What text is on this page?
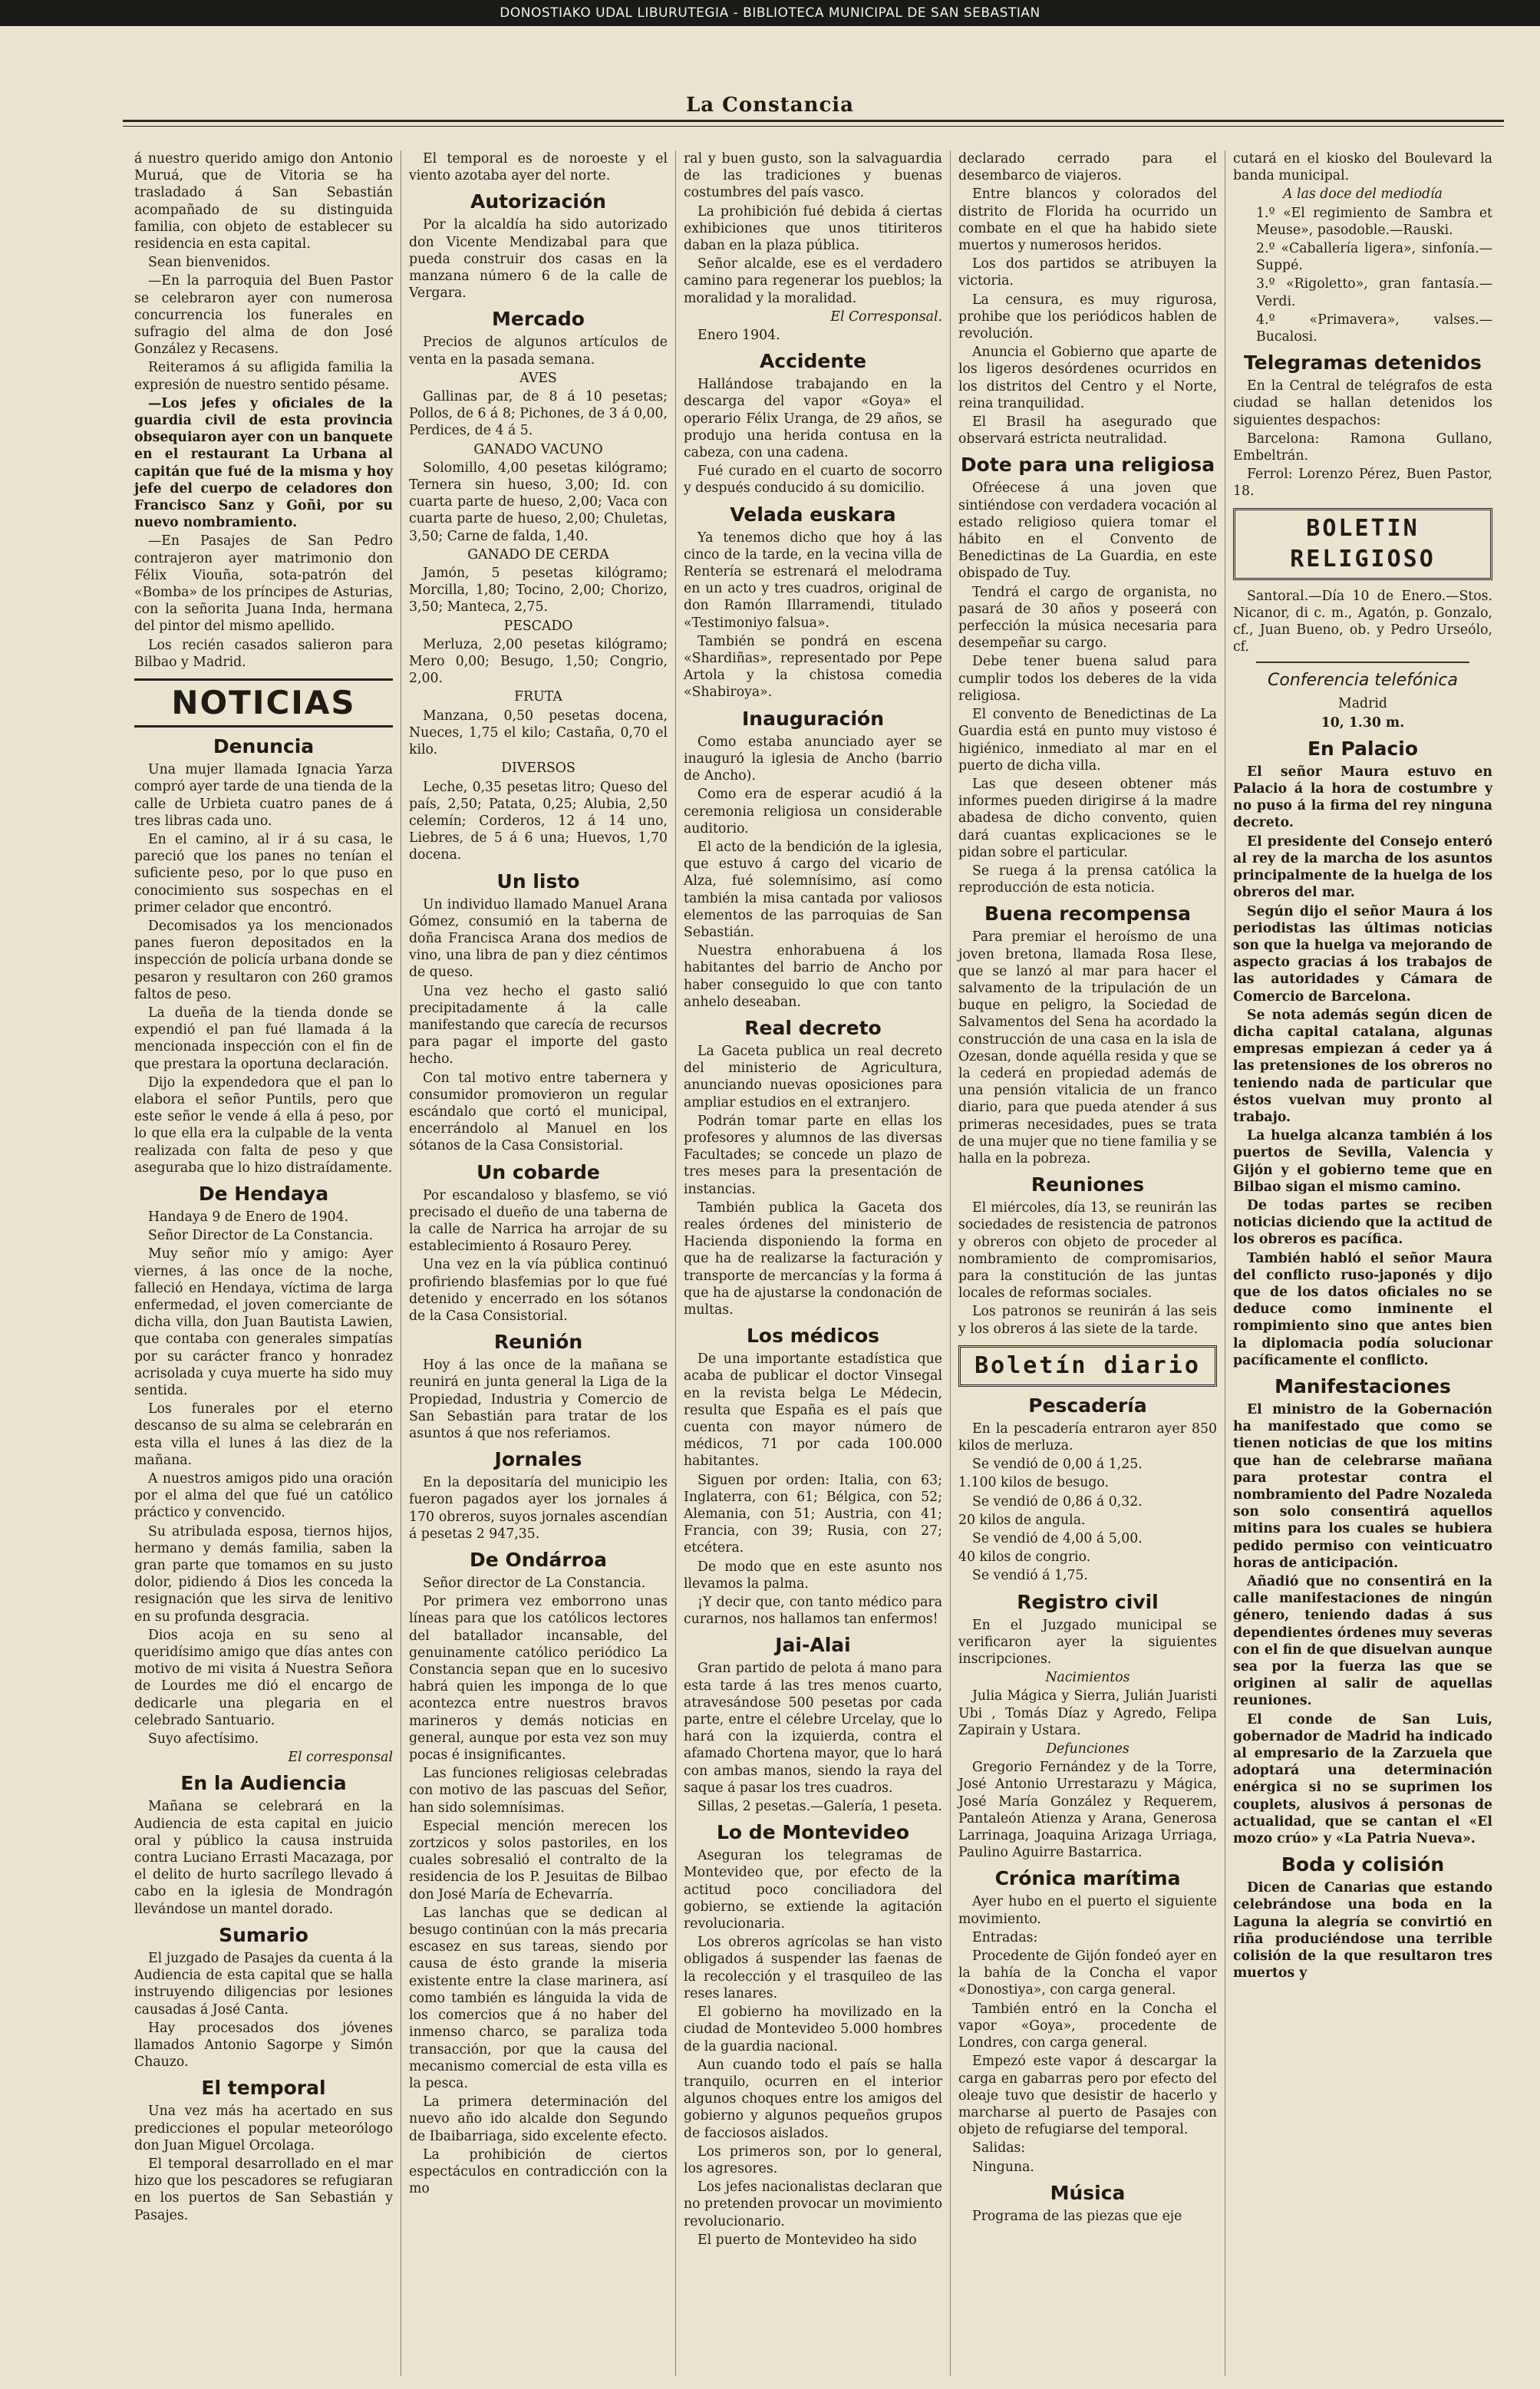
DONOSTIAKO UDAL LIBURUTEGIA - BIBLIOTECA MUNICIPAL DE SAN SEBASTIAN
La Constancia

á nuestro querido amigo don Antonio Muruá, que de Vitoria se ha trasladado á San Sebastián acompañado de su distinguida familia, con objeto de establecer su residencia en esta capital.

Sean bienvenidos.

—En la parroquia del Buen Pastor se celebraron ayer con numerosa concurrencia los funerales en sufragio del alma de don José González y Recasens.

Reiteramos á su afligida familia la expresión de nuestro sentido pésame.

—Los jefes y oficiales de la guardia civil de esta provincia obsequiaron ayer con un banquete en el restaurant La Urbana al capitán que fué de la misma y hoy jefe del cuerpo de celadores don Francisco Sanz y Goñi, por su nuevo nombramiento.

—En Pasajes de San Pedro contrajeron ayer matrimonio don Félix Viouña, sota-patrón del «Bomba» de los príncipes de Asturias, con la señorita Juana Inda, hermana del pintor del mismo apellido.

Los recién casados salieron para Bilbao y Madrid.

NOTICIAS
Denuncia

Una mujer llamada Ignacia Yarza compró ayer tarde de una tienda de la calle de Urbieta cuatro panes de á tres libras cada uno.

En el camino, al ir á su casa, le pareció que los panes no tenían el suficiente peso, por lo que puso en conocimiento sus sospechas en el primer celador que encontró.

Decomisados ya los mencionados panes fueron depositados en la inspección de policía urbana donde se pesaron y resultaron con 260 gramos faltos de peso.

La dueña de la tienda donde se expendió el pan fué llamada á la mencionada inspección con el fin de que prestara la oportuna declaración.

Dijo la expendedora que el pan lo elabora el señor Puntils, pero que este señor le vende á ella á peso, por lo que ella era la culpable de la venta realizada con falta de peso y que aseguraba que lo hizo distraídamente.

De Hendaya

Handaya 9 de Enero de 1904.

Señor Director de La Constancia.

Muy señor mío y amigo: Ayer viernes, á las once de la noche, falleció en Hendaya, víctima de larga enfermedad, el joven comerciante de dicha villa, don Juan Bautista Lawien, que contaba con generales simpatías por su carácter franco y honradez acrisolada y cuya muerte ha sido muy sentida.

Los funerales por el eterno descanso de su alma se celebrarán en esta villa el lunes á las diez de la mañana.

A nuestros amigos pido una oración por el alma del que fué un católico práctico y convencido.

Su atribulada esposa, tiernos hijos, hermano y demás familia, saben la gran parte que tomamos en su justo dolor, pidiendo á Dios les conceda la resignación que les sirva de lenitivo en su profunda desgracia.

Dios acoja en su seno al queridísimo amigo que días antes con motivo de mi visita á Nuestra Señora de Lourdes me dió el encargo de dedicarle una plegaria en el celebrado Santuario.

Suyo afectísimo.

El corresponsal

En la Audiencia

Mañana se celebrará en la Audiencia de esta capital en juicio oral y público la causa instruida contra Luciano Errasti Macazaga, por el delito de hurto sacrílego llevado á cabo en la iglesia de Mondragón llevándose un mantel dorado.

Sumario

El juzgado de Pasajes da cuenta á la Audiencia de esta capital que se halla instruyendo diligencias por lesiones causadas á José Canta.

Hay procesados dos jóvenes llamados Antonio Sagorpe y Simón Chauzo.

El temporal

Una vez más ha acertado en sus predicciones el popular meteorólogo don Juan Miguel Orcolaga.

El temporal desarrollado en el mar hizo que los pescadores se refugiaran en los puertos de San Sebastián y Pasajes.

El temporal es de noroeste y el viento azotaba ayer del norte.

Autorización

Por la alcaldía ha sido autorizado don Vicente Mendizabal para que pueda construir dos casas en la manzana número 6 de la calle de Vergara.

Mercado

Precios de algunos artículos de venta en la pasada semana.

AVES

Gallinas par, de 8 á 10 pesetas; Pollos, de 6 á 8; Pichones, de 3 á 0,00, Perdices, de 4 á 5.

GANADO VACUNO

Solomillo, 4,00 pesetas kilógramo; Ternera sin hueso, 3,00; Id. con cuarta parte de hueso, 2,00; Vaca con cuarta parte de hueso, 2,00; Chuletas, 3,50; Carne de falda, 1,40.

GANADO DE CERDA

Jamón, 5 pesetas kilógramo; Morcilla, 1,80; Tocino, 2,00; Chorizo, 3,50; Manteca, 2,75.

PESCADO

Merluza, 2,00 pesetas kilógramo; Mero 0,00; Besugo, 1,50; Congrio, 2,00.

FRUTA

Manzana, 0,50 pesetas docena, Nueces, 1,75 el kilo; Castaña, 0,70 el kilo.

DIVERSOS

Leche, 0,35 pesetas litro; Queso del país, 2,50; Patata, 0,25; Alubia, 2,50 celemín; Corderos, 12 á 14 uno, Liebres, de 5 á 6 una; Huevos, 1,70 docena.

Un listo

Un individuo llamado Manuel Arana Gómez, consumió en la taberna de doña Francisca Arana dos medios de vino, una libra de pan y diez céntimos de queso.

Una vez hecho el gasto salió precipitadamente á la calle manifestando que carecía de recursos para pagar el importe del gasto hecho.

Con tal motivo entre tabernera y consumidor promovieron un regular escándalo que cortó el municipal, encerrándolo al Manuel en los sótanos de la Casa Consistorial.

Un cobarde

Por escandaloso y blasfemo, se vió precisado el dueño de una taberna de la calle de Narrica ha arrojar de su establecimiento á Rosauro Perey.

Una vez en la vía pública continuó profiriendo blasfemias por lo que fué detenido y encerrado en los sótanos de la Casa Consistorial.

Reunión

Hoy á las once de la mañana se reunirá en junta general la Liga de la Propiedad, Industria y Comercio de San Sebastián para tratar de los asuntos á que nos referiamos.

Jornales

En la depositaría del municipio les fueron pagados ayer los jornales á 170 obreros, suyos jornales ascendían á pesetas 2 947,35.

De Ondárroa

Señor director de La Constancia.

Por primera vez emborrono unas líneas para que los católicos lectores del batallador incansable, del genuinamente católico periódico La Constancia sepan que en lo sucesivo habrá quien les imponga de lo que acontezca entre nuestros bravos marineros y demás noticias en general, aunque por esta vez son muy pocas é insignificantes.

Las funciones religiosas celebradas con motivo de las pascuas del Señor, han sido solemnísimas.

Especial mención merecen los zortzicos y solos pastoriles, en los cuales sobresalió el contralto de la residencia de los P. Jesuitas de Bilbao don José María de Echevarría.

Las lanchas que se dedican al besugo continúan con la más precaria escasez en sus tareas, siendo por causa de ésto grande la miseria existente entre la clase marinera, así como también es lánguida la vida de los comercios que á no haber del inmenso charco, se paraliza toda transacción, por que la causa del mecanismo comercial de esta villa es la pesca.

La primera determinación del nuevo año ido alcalde don Segundo de Ibaibarriaga, sido excelente efecto.

La prohibición de ciertos espectáculos en contradicción con la mo

ral y buen gusto, son la salvaguardia de las tradiciones y buenas costumbres del país vasco.

La prohibición fué debida á ciertas exhibiciones que unos titiriteros daban en la plaza pública.

Señor alcalde, ese es el verdadero camino para regenerar los pueblos; la moralidad y la moralidad.

El Corresponsal.

Enero 1904.

Accidente

Hallándose trabajando en la descarga del vapor «Goya» el operario Félix Uranga, de 29 años, se produjo una herida contusa en la cabeza, con una cadena.

Fué curado en el cuarto de socorro y después conducido á su domicilio.

Velada euskara

Ya tenemos dicho que hoy á las cinco de la tarde, en la vecina villa de Rentería se estrenará el melodrama en un acto y tres cuadros, original de don Ramón Illarramendi, titulado «Testimoniyo falsua».

También se pondrá en escena «Shardiñas», representado por Pepe Artola y la chistosa comedia «Shabiroya».

Inauguración

Como estaba anunciado ayer se inauguró la iglesia de Ancho (barrio de Ancho).

Como era de esperar acudió á la ceremonia religiosa un considerable auditorio.

El acto de la bendición de la iglesia, que estuvo á cargo del vicario de Alza, fué solemnísimo, así como también la misa cantada por valiosos elementos de las parroquias de San Sebastián.

Nuestra enhorabuena á los habitantes del barrio de Ancho por haber conseguido lo que con tanto anhelo deseaban.

Real decreto

La Gaceta publica un real decreto del ministerio de Agricultura, anunciando nuevas oposiciones para ampliar estudios en el extranjero.

Podrán tomar parte en ellas los profesores y alumnos de las diversas Facultades; se concede un plazo de tres meses para la presentación de instancias.

También publica la Gaceta dos reales órdenes del ministerio de Hacienda disponiendo la forma en que ha de realizarse la facturación y transporte de mercancías y la forma á que ha de ajustarse la condonación de multas.

Los médicos

De una importante estadística que acaba de publicar el doctor Vinsegal en la revista belga Le Médecin, resulta que España es el país que cuenta con mayor número de médicos, 71 por cada 100.000 habitantes.

Siguen por orden: Italia, con 63; Inglaterra, con 61; Bélgica, con 52; Alemania, con 51; Austria, con 41; Francia, con 39; Rusia, con 27; etcétera.

De modo que en este asunto nos llevamos la palma.

¡Y decir que, con tanto médico para curarnos, nos hallamos tan enfermos!

Jai-Alai

Gran partido de pelota á mano para esta tarde á las tres menos cuarto, atravesándose 500 pesetas por cada parte, entre el célebre Urcelay, que lo hará con la izquierda, contra el afamado Chortena mayor, que lo hará con ambas manos, siendo la raya del saque á pasar los tres cuadros.

Sillas, 2 pesetas.—Galería, 1 peseta.

Lo de Montevideo

Aseguran los telegramas de Montevideo que, por efecto de la actitud poco conciliadora del gobierno, se extiende la agitación revolucionaria.

Los obreros agrícolas se han visto obligados á suspender las faenas de la recolección y el trasquileo de las reses lanares.

El gobierno ha movilizado en la ciudad de Montevideo 5.000 hombres de la guardia nacional.

Aun cuando todo el país se halla tranquilo, ocurren en el interior algunos choques entre los amigos del gobierno y algunos pequeños grupos de facciosos aislados.

Los primeros son, por lo general, los agresores.

Los jefes nacionalistas declaran que no pretenden provocar un movimiento revolucionario.

El puerto de Montevideo ha sido

declarado cerrado para el desembarco de viajeros.

Entre blancos y colorados del distrito de Florida ha ocurrido un combate en el que ha habido siete muertos y numerosos heridos.

Los dos partidos se atribuyen la victoria.

La censura, es muy rigurosa, prohibe que los periódicos hablen de revolución.

Anuncia el Gobierno que aparte de los ligeros desórdenes ocurridos en los distritos del Centro y el Norte, reina tranquilidad.

El Brasil ha asegurado que observará estricta neutralidad.

Dote para una religiosa

Ofréecese á una joven que sintiéndose con verdadera vocación al estado religioso quiera tomar el hábito en el Convento de Benedictinas de La Guardia, en este obispado de Tuy.

Tendrá el cargo de organista, no pasará de 30 años y poseerá con perfección la música necesaria para desempeñar su cargo.

Debe tener buena salud para cumplir todos los deberes de la vida religiosa.

El convento de Benedictinas de La Guardia está en punto muy vistoso é higiénico, inmediato al mar en el puerto de dicha villa.

Las que deseen obtener más informes pueden dirigirse á la madre abadesa de dicho convento, quien dará cuantas explicaciones se le pidan sobre el particular.

Se ruega á la prensa católica la reproducción de esta noticia.

Buena recompensa

Para premiar el heroísmo de una joven bretona, llamada Rosa Ilese, que se lanzó al mar para hacer el salvamento de la tripulación de un buque en peligro, la Sociedad de Salvamentos del Sena ha acordado la construcción de una casa en la isla de Ozesan, donde aquélla resida y que se la cederá en propiedad además de una pensión vitalicia de un franco diario, para que pueda atender á sus primeras necesidades, pues se trata de una mujer que no tiene familia y se halla en la pobreza.

Reuniones

El miércoles, día 13, se reunirán las sociedades de resistencia de patronos y obreros con objeto de proceder al nombramiento de compromisarios, para la constitución de las juntas locales de reformas sociales.

Los patronos se reunirán á las seis y los obreros á las siete de la tarde.

Boletín diario
Pescadería

En la pescadería entraron ayer 850 kilos de merluza.

Se vendió de 0,00 á 1,25.

1.100 kilos de besugo.

Se vendió de 0,86 á 0,32.

20 kilos de angula.

Se vendió de 4,00 á 5,00.

40 kilos de congrio.

Se vendió á 1,75.

Registro civil

En el Juzgado municipal se verificaron ayer la siguientes inscripciones.

Nacimientos

Julia Mágica y Sierra, Julián Juaristi Ubi , Tomás Díaz y Agredo, Felipa Zapirain y Ustara.

Defunciones

Gregorio Fernández y de la Torre, José Antonio Urrestarazu y Mágica, José María González y Requerem, Pantaleón Atienza y Arana, Generosa Larrinaga, Joaquina Arizaga Urriaga, Paulino Aguirre Bastarrica.

Crónica marítima

Ayer hubo en el puerto el siguiente movimiento.

Entradas:

Procedente de Gijón fondeó ayer en la bahía de la Concha el vapor «Donostiya», con carga general.

También entró en la Concha el vapor «Goya», procedente de Londres, con carga general.

Empezó este vapor á descargar la carga en gabarras pero por efecto del oleaje tuvo que desistir de hacerlo y marcharse al puerto de Pasajes con objeto de refugiarse del temporal.

Salidas:

Ninguna.

Música

Programa de las piezas que eje

cutará en el kiosko del Boulevard la banda municipal.

A las doce del mediodía

1.º «El regimiento de Sambra et Meuse», pasodoble.—Rauski.

2.º «Caballería ligera», sinfonía.—Suppé.

3.º «Rigoletto», gran fantasía.—Verdi.

4.º «Primavera», valses.—Bucalosi.

Telegramas detenidos

En la Central de telégrafos de esta ciudad se hallan detenidos los siguientes despachos:

Barcelona: Ramona Gullano, Embeltrán.

Ferrol: Lorenzo Pérez, Buen Pastor, 18.

BOLETIN RELIGIOSO

Santoral.—Día 10 de Enero.—Stos. Nicanor, di c. m., Agatón, p. Gonzalo, cf., Juan Bueno, ob. y Pedro Urseólo, cf.

Conferencia telefónica

Madrid

10, 1.30 m.

En Palacio

El señor Maura estuvo en Palacio á la hora de costumbre y no puso á la firma del rey ninguna decreto.

El presidente del Consejo enteró al rey de la marcha de los asuntos principalmente de la huelga de los obreros del mar.

Según dijo el señor Maura á los periodistas las últimas noticias son que la huelga va mejorando de aspecto gracias á los trabajos de las autoridades y Cámara de Comercio de Barcelona.

Se nota además según dicen de dicha capital catalana, algunas empresas empiezan á ceder ya á las pretensiones de los obreros no teniendo nada de particular que éstos vuelvan muy pronto al trabajo.

La huelga alcanza también á los puertos de Sevilla, Valencia y Gijón y el gobierno teme que en Bilbao sigan el mismo camino.

De todas partes se reciben noticias diciendo que la actitud de los obreros es pacífica.

También habló el señor Maura del conflicto ruso-japonés y dijo que de los datos oficiales no se deduce como inminente el rompimiento sino que antes bien la diplomacia podía solucionar pacíficamente el conflicto.

Manifestaciones

El ministro de la Gobernación ha manifestado que como se tienen noticias de que los mitins que han de celebrarse mañana para protestar contra el nombramiento del Padre Nozaleda son solo consentirá aquellos mitins para los cuales se hubiera pedido permiso con veinticuatro horas de anticipación.

Añadió que no consentirá en la calle manifestaciones de ningún género, teniendo dadas á sus dependientes órdenes muy severas con el fin de que disuelvan aunque sea por la fuerza las que se originen al salir de aquellas reuniones.

El conde de San Luis, gobernador de Madrid ha indicado al empresario de la Zarzuela que adoptará una determinación enérgica si no se suprimen los couplets, alusivos á personas de actualidad, que se cantan el «El mozo crúo» y «La Patria Nueva».

Boda y colisión

Dicen de Canarias que estando celebrándose una boda en la Laguna la alegría se convirtió en riña produciéndose una terrible colisión de la que resultaron tres muertos y
